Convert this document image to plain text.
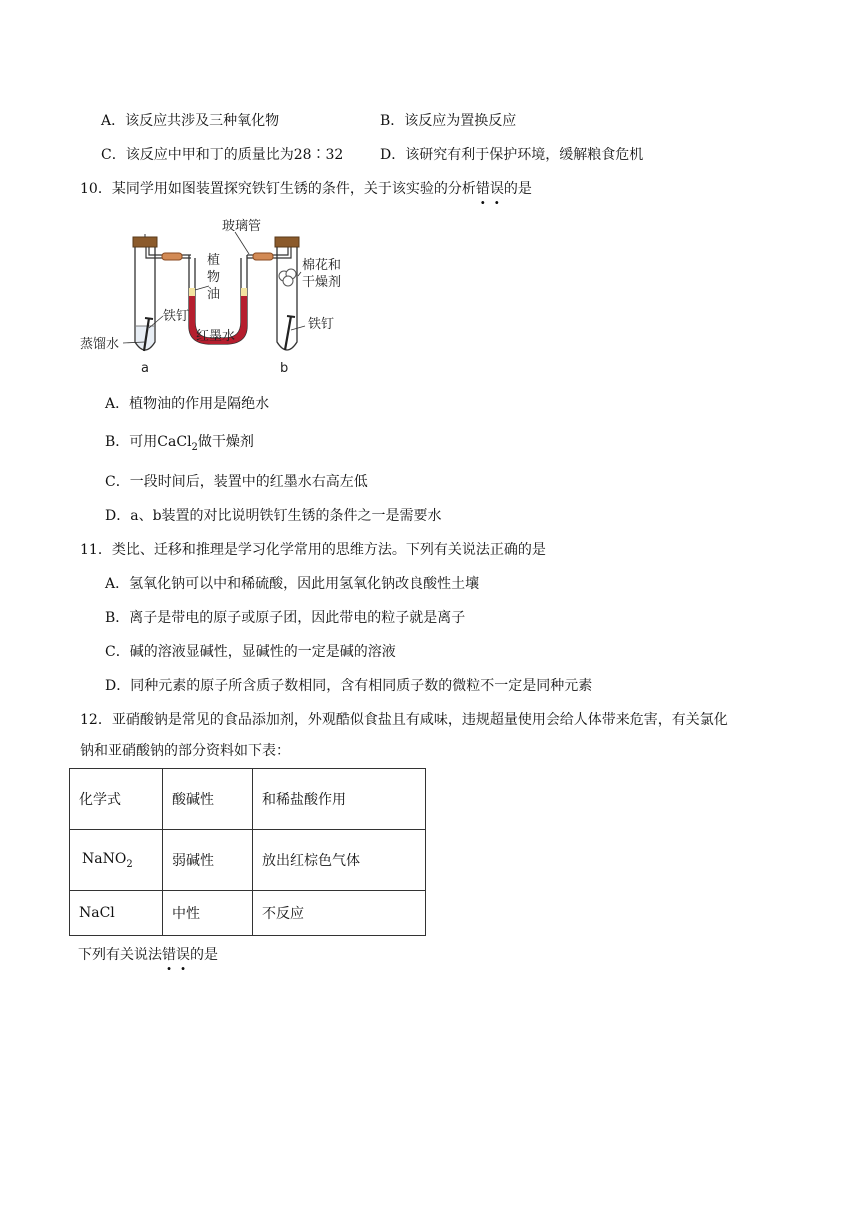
A．该反应共涉及三种氧化物	B．该反应为置换反应
C．该反应中甲和丁的质量比为28∶32	D．该研究有利于保护环境，缓解粮食危机
10．某同学用如图装置探究铁钉生锈的条件，关于该实验的分析错误的是
玻璃管
植
物
油
棉花和
干燥剂
铁钉
铁钉
蒸馏水
红墨水
a	b
A．植物油的作用是隔绝水
B．可用CaCl$_2$做干燥剂
C．一段时间后，装置中的红墨水右高左低
D．a、b装置的对比说明铁钉生锈的条件之一是需要水
11．类比、迁移和推理是学习化学常用的思维方法。下列有关说法正确的是
A．氢氧化钠可以中和稀硫酸，因此用氢氧化钠改良酸性土壤
B．离子是带电的原子或原子团，因此带电的粒子就是离子
C．碱的溶液显碱性，显碱性的一定是碱的溶液
D．同种元素的原子所含质子数相同，含有相同质子数的微粒不一定是同种元素
12．亚硝酸钠是常见的食品添加剂，外观酷似食盐且有咸味，违规超量使用会给人体带来危害，有关氯化
钠和亚硝酸钠的部分资料如下表：
化学式	酸碱性	和稀盐酸作用
NaNO$_2$	弱碱性	放出红棕色气体
NaCl	中性	不反应
下列有关说法错误的是
